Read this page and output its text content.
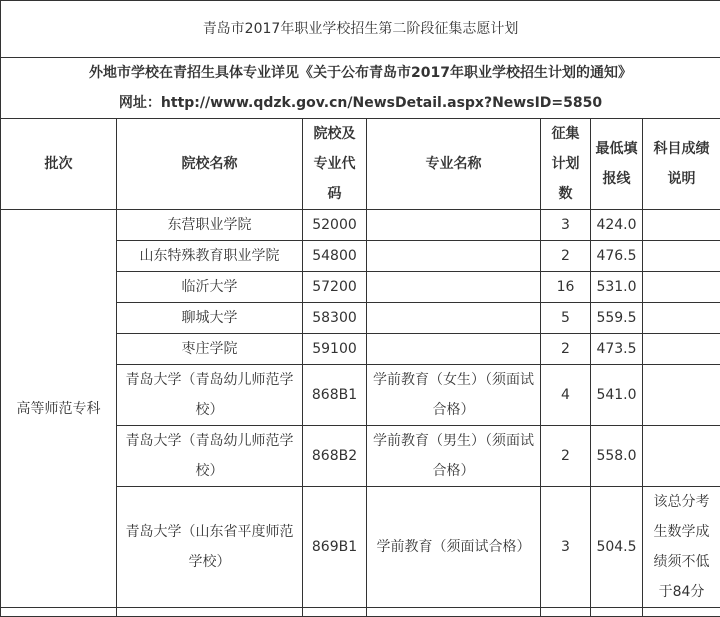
青岛市2017年职业学校招生第二阶段征集志愿计划						

外地市学校在青招生具体专业详见《关于公布青岛市2017年职业学校招生计划的通知》
网址：http://www.qdzk.gov.cn/NewsDetail.aspx?NewsID=5850						

批次	院校名称	院校及专业代码	专业名称	征集计划数	最低填报线	科目成绩说明
高等师范专科	东营职业学院	52000		3	424.0	
	山东特殊教育职业学院	54800		2	476.5	
	临沂大学	57200		16	531.0	
	聊城大学	58300		5	559.5	
	枣庄学院	59100		2	473.5	
	青岛大学（青岛幼儿师范学校）	868B1	学前教育（女生）（须面试合格）	4	541.0	
	青岛大学（青岛幼儿师范学校）	868B2	学前教育（男生）（须面试合格）	2	558.0	
	青岛大学（山东省平度师范学校）	869B1	学前教育（须面试合格）	3	504.5	该总分考生数学成绩须不低于84分
